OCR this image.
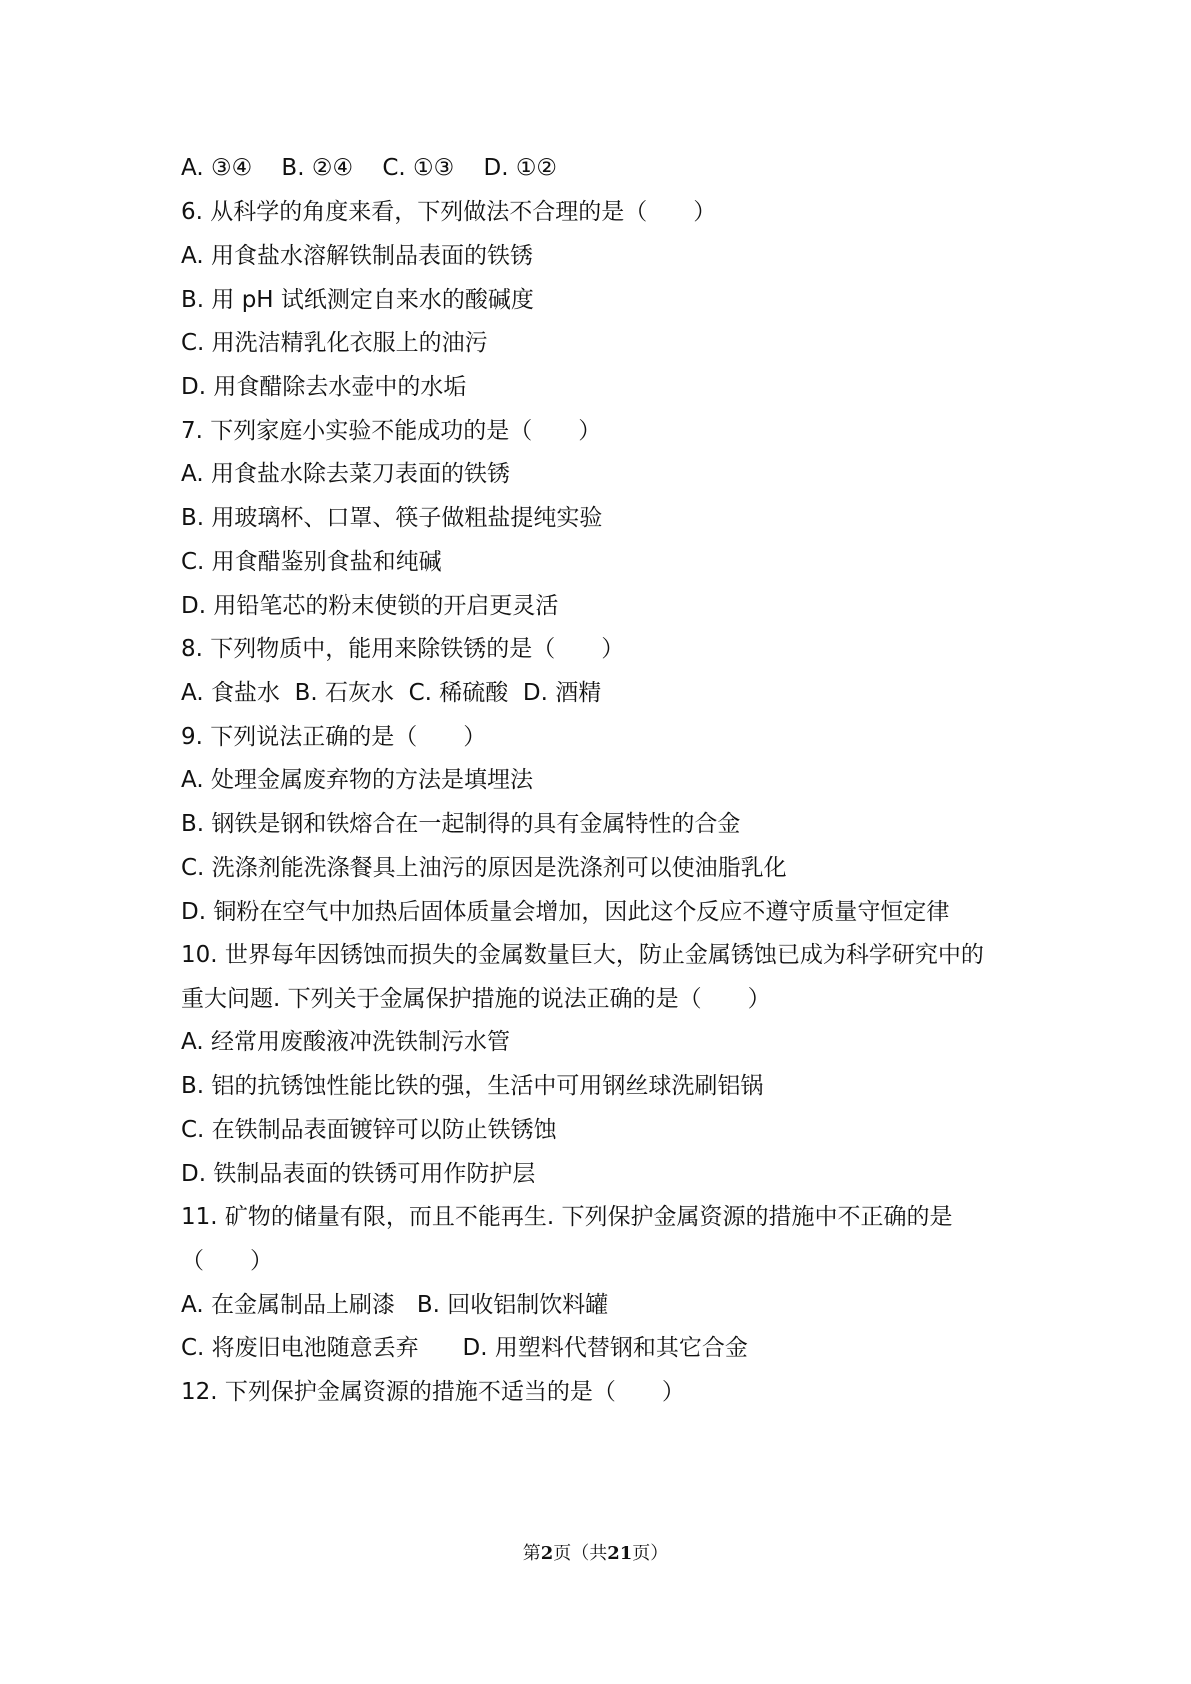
A. ③④    B. ②④    C. ①③    D. ①②
6. 从科学的角度来看，下列做法不合理的是（　　）
A. 用食盐水溶解铁制品表面的铁锈
B. 用 pH 试纸测定自来水的酸碱度
C. 用洗洁精乳化衣服上的油污
D. 用食醋除去水壶中的水垢
7. 下列家庭小实验不能成功的是（　　）
A. 用食盐水除去菜刀表面的铁锈
B. 用玻璃杯、口罩、筷子做粗盐提纯实验
C. 用食醋鉴别食盐和纯碱
D. 用铅笔芯的粉末使锁的开启更灵活
8. 下列物质中，能用来除铁锈的是（　　）
A. 食盐水  B. 石灰水  C. 稀硫酸  D. 酒精
9. 下列说法正确的是（　　）
A. 处理金属废弃物的方法是填埋法
B. 钢铁是钢和铁熔合在一起制得的具有金属特性的合金
C. 洗涤剂能洗涤餐具上油污的原因是洗涤剂可以使油脂乳化
D. 铜粉在空气中加热后固体质量会增加，因此这个反应不遵守质量守恒定律
10. 世界每年因锈蚀而损失的金属数量巨大，防止金属锈蚀已成为科学研究中的
重大问题. 下列关于金属保护措施的说法正确的是（　　）
A. 经常用废酸液冲洗铁制污水管
B. 铝的抗锈蚀性能比铁的强，生活中可用钢丝球洗刷铝锅
C. 在铁制品表面镀锌可以防止铁锈蚀
D. 铁制品表面的铁锈可用作防护层
11. 矿物的储量有限，而且不能再生. 下列保护金属资源的措施中不正确的是
（　　）
A. 在金属制品上刷漆   B. 回收铝制饮料罐
C. 将废旧电池随意丢弃      D. 用塑料代替钢和其它合金
12. 下列保护金属资源的措施不适当的是（　　）
第2页（共21页）
